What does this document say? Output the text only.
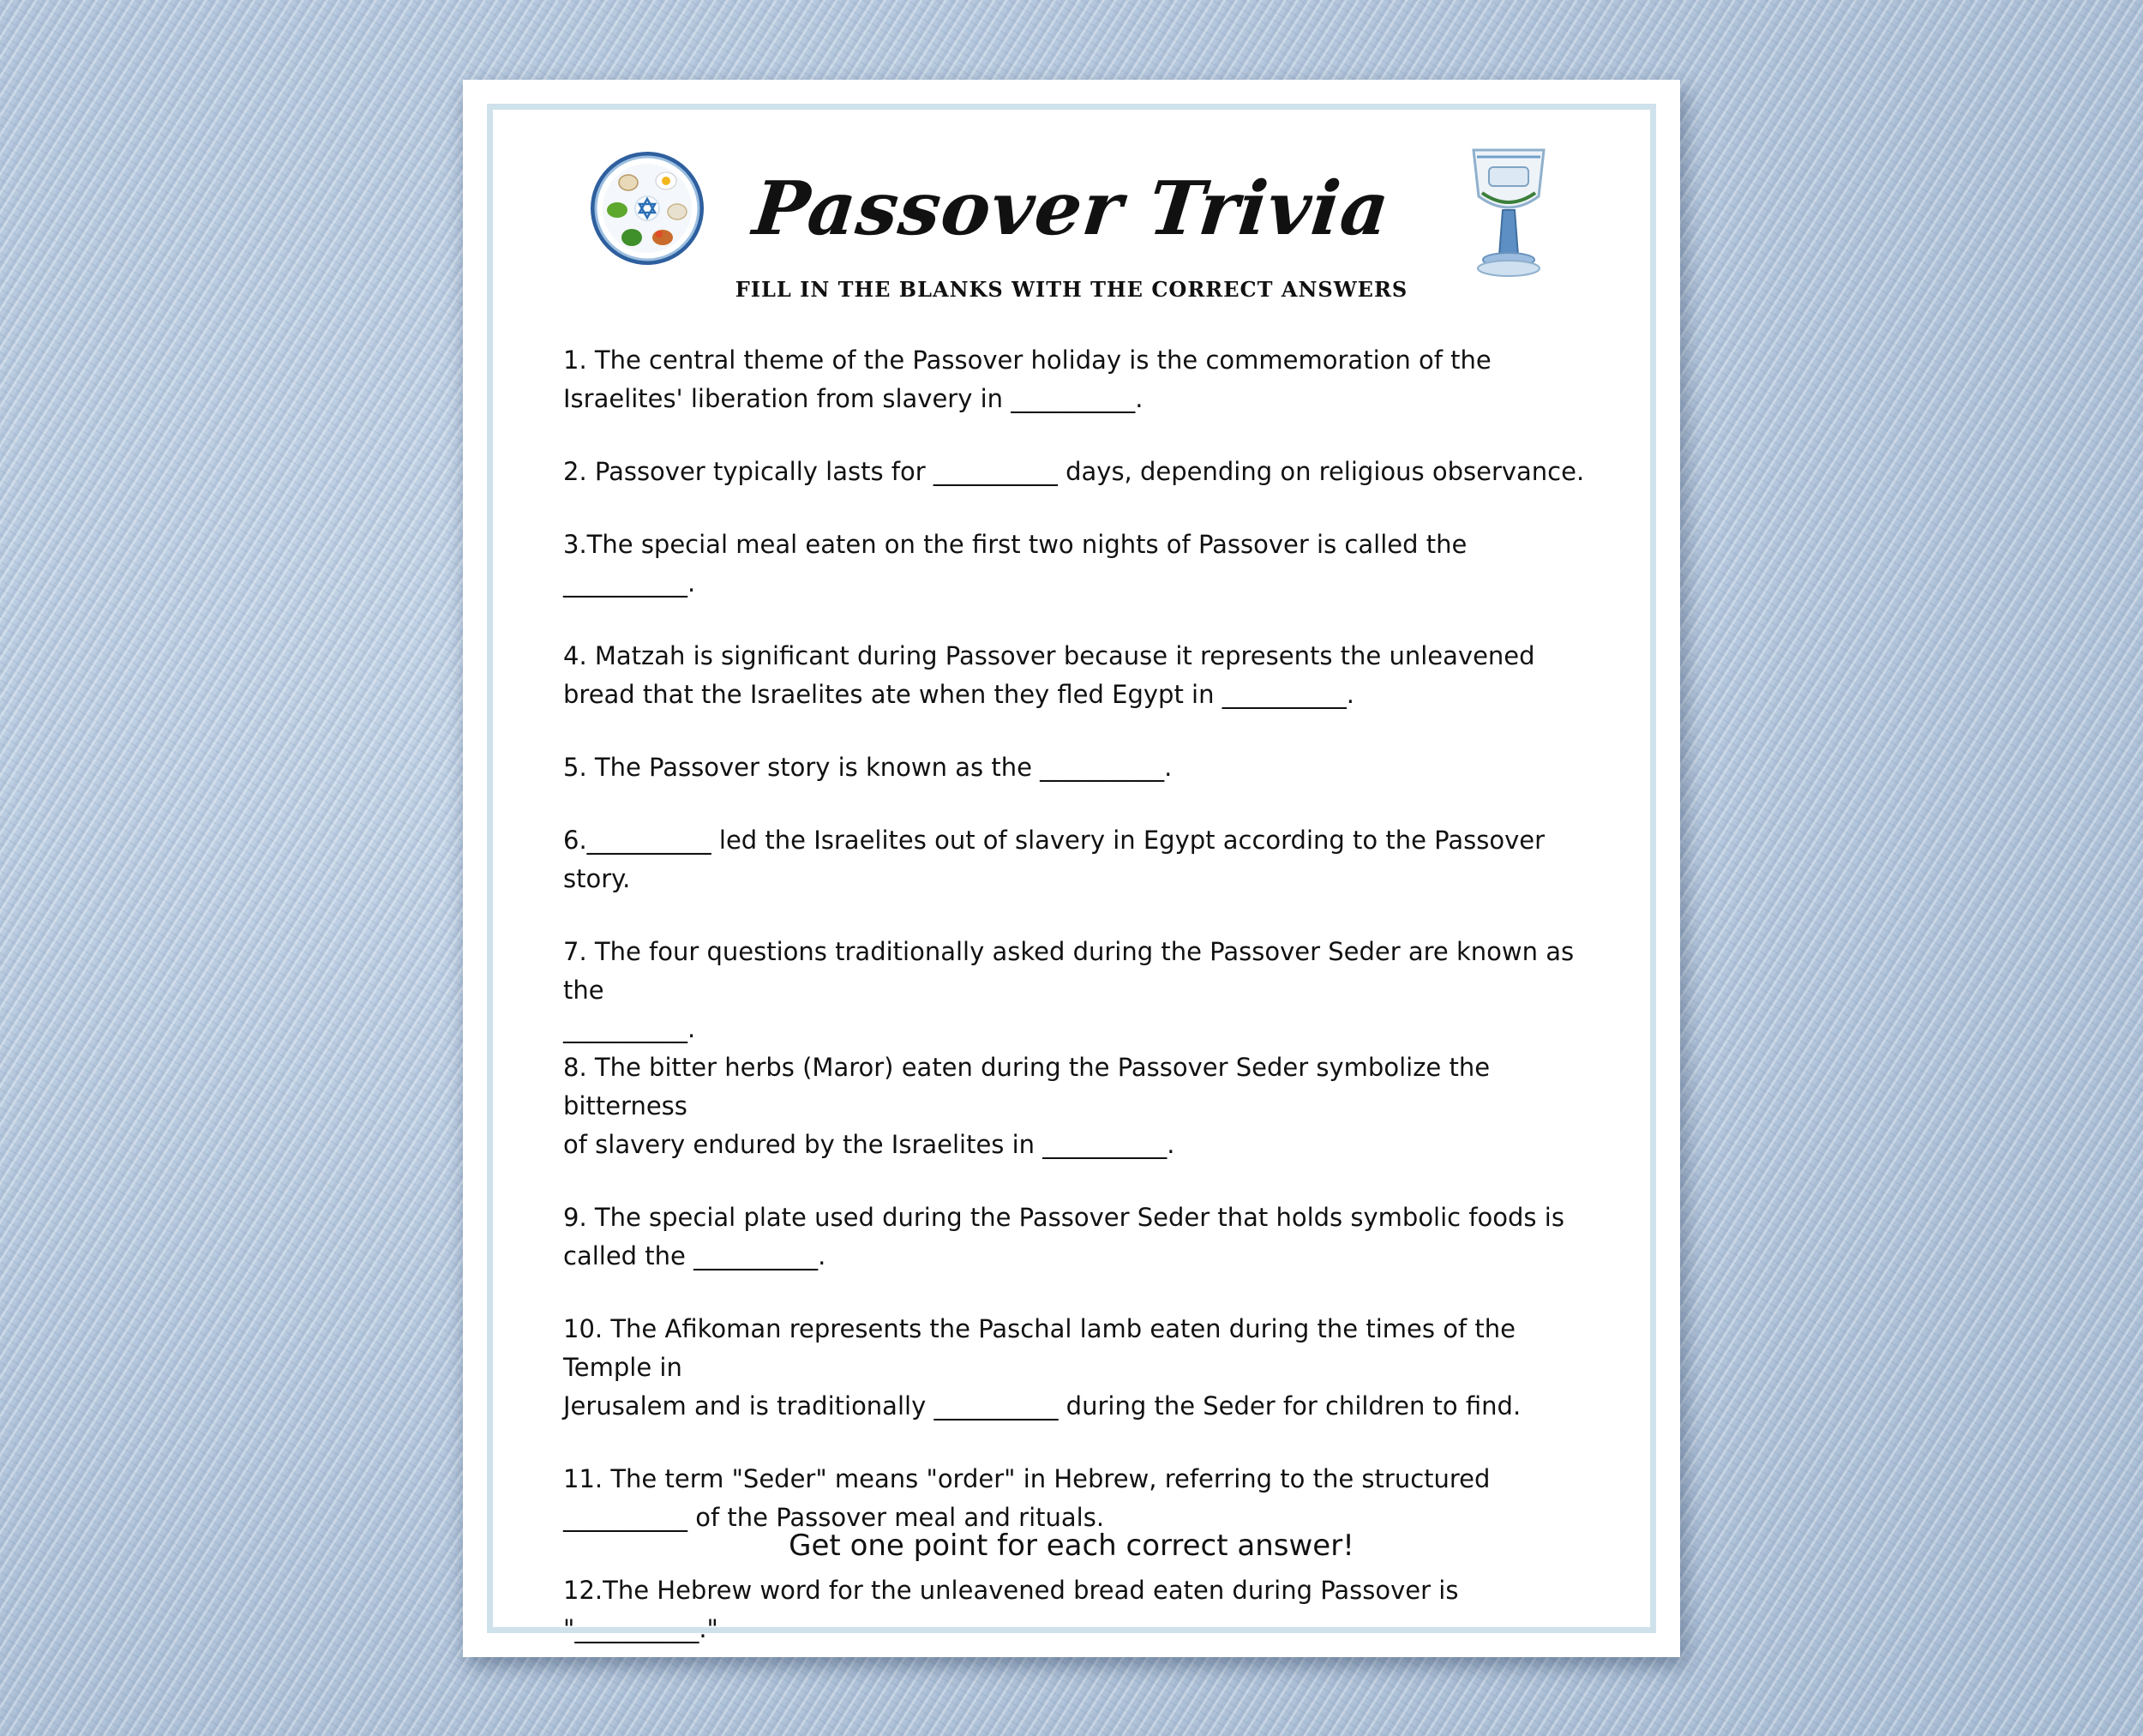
Passover Trivia
FILL IN THE BLANKS WITH THE CORRECT ANSWERS
1. The central theme of the Passover holiday is the commemoration of the
Israelites' liberation from slavery in __________.
2. Passover typically lasts for __________ days, depending on religious observance.
3.The special meal eaten on the first two nights of Passover is called the
__________.
4. Matzah is significant during Passover because it represents the unleavened
bread that the Israelites ate when they fled Egypt in __________.
5. The Passover story is known as the __________.
6.__________ led the Israelites out of slavery in Egypt according to the Passover story.
7. The four questions traditionally asked during the Passover Seder are known as the
__________.
8. The bitter herbs (Maror) eaten during the Passover Seder symbolize the bitterness
of slavery endured by the Israelites in __________.
9. The special plate used during the Passover Seder that holds symbolic foods is
called the __________.
10. The Afikoman represents the Paschal lamb eaten during the times of the Temple in
Jerusalem and is traditionally __________ during the Seder for children to find.
11. The term "Seder" means "order" in Hebrew, referring to the structured
__________ of the Passover meal and rituals.
12.The Hebrew word for the unleavened bread eaten during Passover is "__________."
Get one point for each correct answer!
